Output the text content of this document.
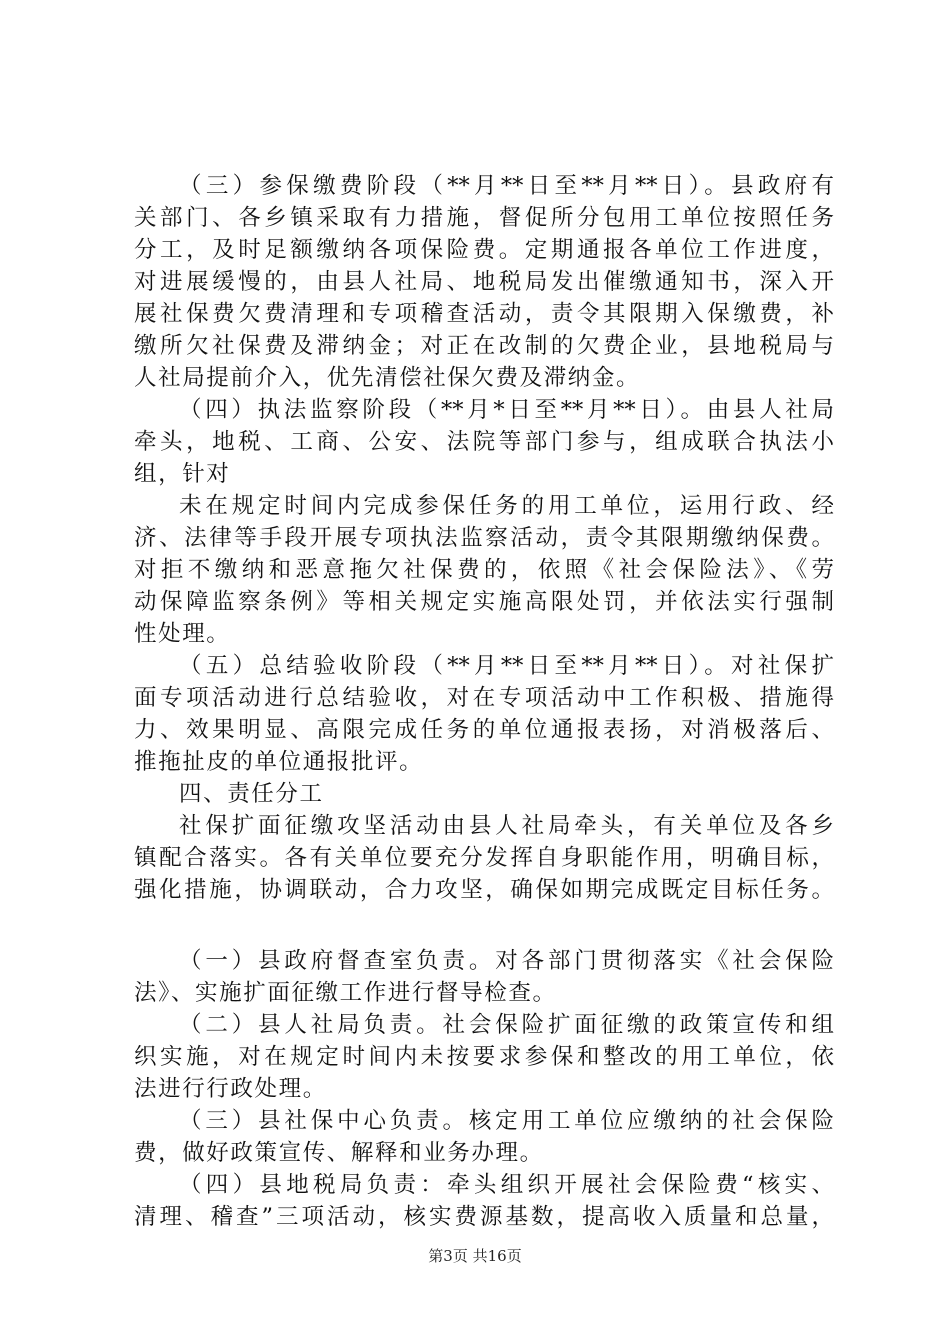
（三）参保缴费阶段（**月**日至**月**日）。县政府有
关部门、各乡镇采取有力措施，督促所分包用工单位按照任务
分工，及时足额缴纳各项保险费。定期通报各单位工作进度，
对进展缓慢的，由县人社局、地税局发出催缴通知书，深入开
展社保费欠费清理和专项稽查活动，责令其限期入保缴费，补
缴所欠社保费及滞纳金；对正在改制的欠费企业，县地税局与
人社局提前介入，优先清偿社保欠费及滞纳金。
（四）执法监察阶段（**月*日至**月**日）。由县人社局
牵头，地税、工商、公安、法院等部门参与，组成联合执法小
组，针对
未在规定时间内完成参保任务的用工单位，运用行政、经
济、法律等手段开展专项执法监察活动，责令其限期缴纳保费。
对拒不缴纳和恶意拖欠社保费的，依照《社会保险法》、《劳
动保障监察条例》等相关规定实施高限处罚，并依法实行强制
性处理。
（五）总结验收阶段（**月**日至**月**日）。对社保扩
面专项活动进行总结验收，对在专项活动中工作积极、措施得
力、效果明显、高限完成任务的单位通报表扬，对消极落后、
推拖扯皮的单位通报批评。
四、责任分工
社保扩面征缴攻坚活动由县人社局牵头，有关单位及各乡
镇配合落实。各有关单位要充分发挥自身职能作用，明确目标，
强化措施，协调联动，合力攻坚，确保如期完成既定目标任务。
（一）县政府督查室负责。对各部门贯彻落实《社会保险
法》、实施扩面征缴工作进行督导检查。
（二）县人社局负责。社会保险扩面征缴的政策宣传和组
织实施，对在规定时间内未按要求参保和整改的用工单位，依
法进行行政处理。
（三）县社保中心负责。核定用工单位应缴纳的社会保险
费，做好政策宣传、解释和业务办理。
（四）县地税局负责：牵头组织开展社会保险费“核实、
清理、稽查”三项活动，核实费源基数，提高收入质量和总量，
第3页 共16页
